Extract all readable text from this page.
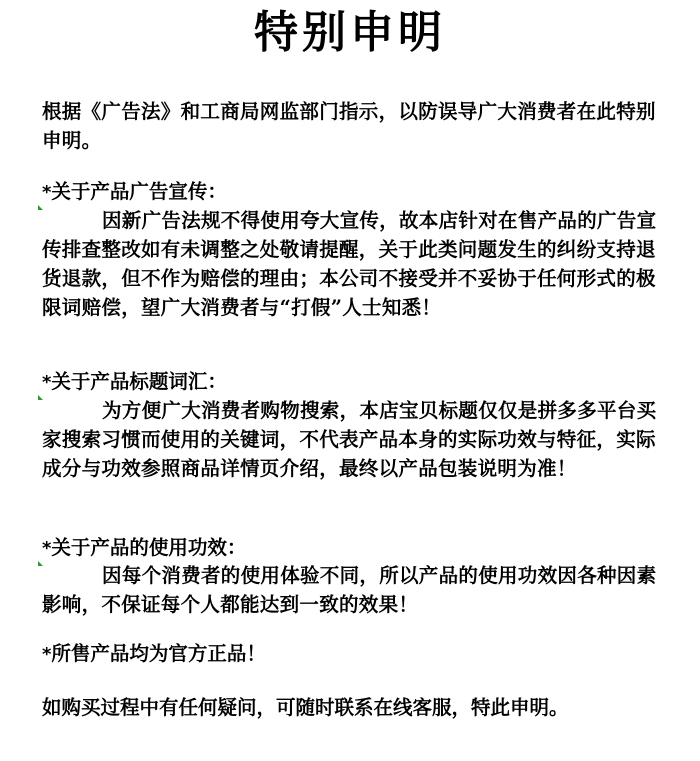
特别申明
根据《广告法》和工商局网监部门指示，以防误导广大消费者在此特别申明。
*关于产品广告宣传：
因新广告法规不得使用夸大宣传，故本店针对在售产品的广告宣传排查整改如有未调整之处敬请提醒，关于此类问题发生的纠纷支持退货退款，但不作为赔偿的理由；本公司不接受并不妥协于任何形式的极限词赔偿，望广大消费者与“打假”人士知悉！
*关于产品标题词汇：
为方便广大消费者购物搜索，本店宝贝标题仅仅是拼多多平台买家搜索习惯而使用的关键词，不代表产品本身的实际功效与特征，实际成分与功效参照商品详情页介绍，最终以产品包装说明为准！
*关于产品的使用功效：
因每个消费者的使用体验不同，所以产品的使用功效因各种因素影响，不保证每个人都能达到一致的效果！
*所售产品均为官方正品！
如购买过程中有任何疑问，可随时联系在线客服，特此申明。
